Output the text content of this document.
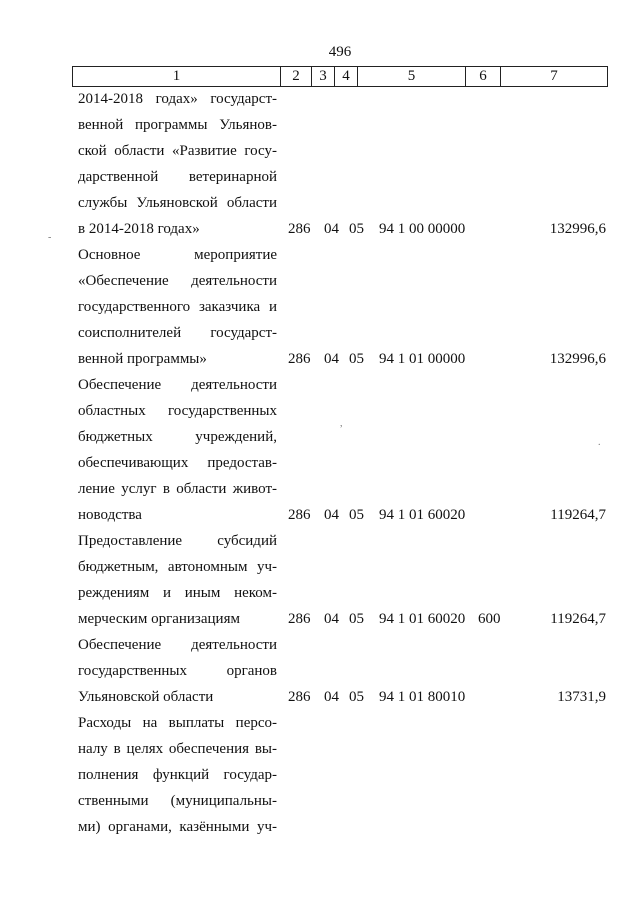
496
1	2	3	4	5	6	7
2014-2018 годах» государст-
венной программы Ульянов-
ской области «Развитие госу-
дарственной ветеринарной
службы Ульяновской области
в 2014-2018 годах»	286 04 05 94 1 00 00000	132996,6
Основное мероприятие
«Обеспечение деятельности
государственного заказчика и
соисполнителей государст-
венной программы»	286 04 05 94 1 01 00000	132996,6
Обеспечение деятельности
областных государственных
бюджетных учреждений,
обеспечивающих предостав-
ление услуг в области живот-
новодства	286 04 05 94 1 01 60020	119264,7
Предоставление субсидий
бюджетным, автономным уч-
реждениям и иным неком-
мерческим организациям	286 04 05 94 1 01 60020 600	119264,7
Обеспечение деятельности
государственных органов
Ульяновской области	286 04 05 94 1 01 80010	13731,9
Расходы на выплаты персо-
налу в целях обеспечения вы-
полнения функций государ-
ственными (муниципальны-
ми) органами, казёнными уч-
-
,
.
